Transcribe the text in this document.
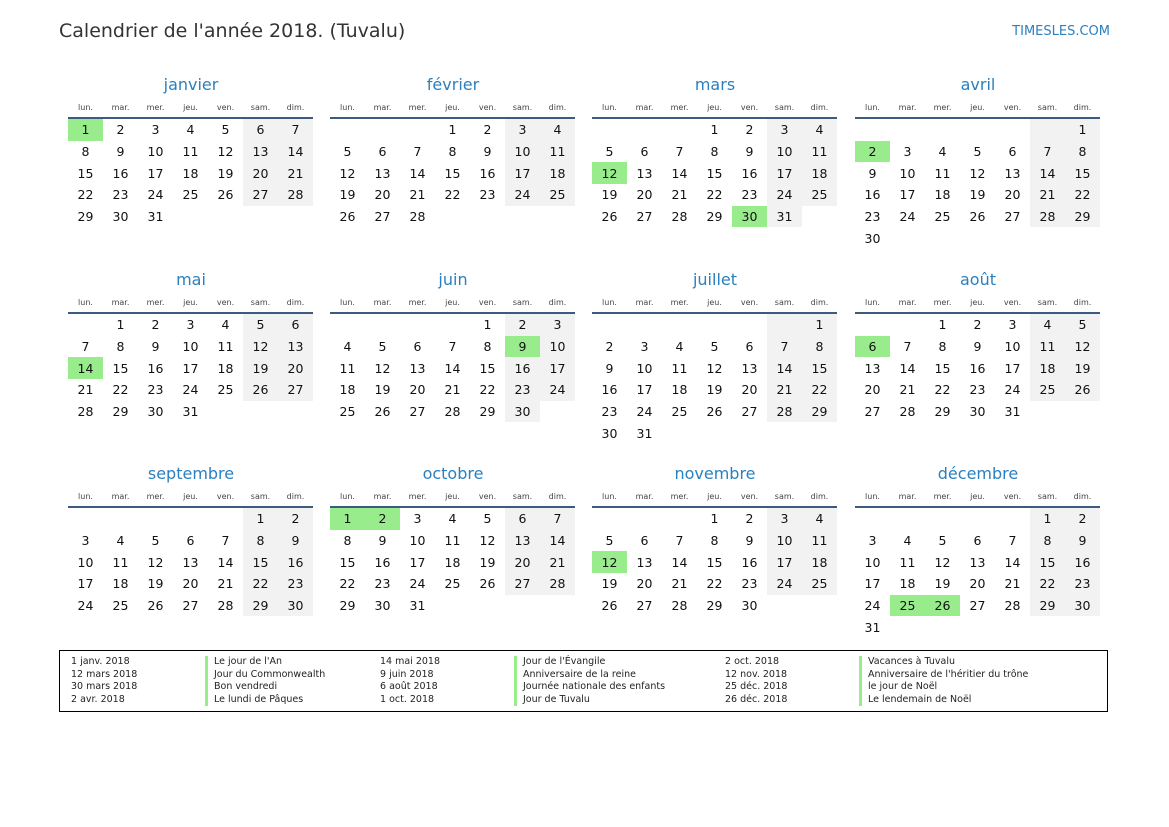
Calendrier de l'année 2018. (Tuvalu)	TIMESLES.COM
janvier
lun.	mar.	mer.	jeu.	ven.	sam.	dim.
1	2	3	4	5	6	7
8	9	10	11	12	13	14
15	16	17	18	19	20	21
22	23	24	25	26	27	28
29	30	31				
février
lun.	mar.	mer.	jeu.	ven.	sam.	dim.
			1	2	3	4
5	6	7	8	9	10	11
12	13	14	15	16	17	18
19	20	21	22	23	24	25
26	27	28				
mars
lun.	mar.	mer.	jeu.	ven.	sam.	dim.
			1	2	3	4
5	6	7	8	9	10	11
12	13	14	15	16	17	18
19	20	21	22	23	24	25
26	27	28	29	30	31	
avril
lun.	mar.	mer.	jeu.	ven.	sam.	dim.
						1
2	3	4	5	6	7	8
9	10	11	12	13	14	15
16	17	18	19	20	21	22
23	24	25	26	27	28	29
30						
mai
lun.	mar.	mer.	jeu.	ven.	sam.	dim.
	1	2	3	4	5	6
7	8	9	10	11	12	13
14	15	16	17	18	19	20
21	22	23	24	25	26	27
28	29	30	31			
juin
lun.	mar.	mer.	jeu.	ven.	sam.	dim.
				1	2	3
4	5	6	7	8	9	10
11	12	13	14	15	16	17
18	19	20	21	22	23	24
25	26	27	28	29	30	
juillet
lun.	mar.	mer.	jeu.	ven.	sam.	dim.
						1
2	3	4	5	6	7	8
9	10	11	12	13	14	15
16	17	18	19	20	21	22
23	24	25	26	27	28	29
30	31					
août
lun.	mar.	mer.	jeu.	ven.	sam.	dim.
		1	2	3	4	5
6	7	8	9	10	11	12
13	14	15	16	17	18	19
20	21	22	23	24	25	26
27	28	29	30	31		
septembre
lun.	mar.	mer.	jeu.	ven.	sam.	dim.
					1	2
3	4	5	6	7	8	9
10	11	12	13	14	15	16
17	18	19	20	21	22	23
24	25	26	27	28	29	30
octobre
lun.	mar.	mer.	jeu.	ven.	sam.	dim.
1	2	3	4	5	6	7
8	9	10	11	12	13	14
15	16	17	18	19	20	21
22	23	24	25	26	27	28
29	30	31				
novembre
lun.	mar.	mer.	jeu.	ven.	sam.	dim.
			1	2	3	4
5	6	7	8	9	10	11
12	13	14	15	16	17	18
19	20	21	22	23	24	25
26	27	28	29	30		
décembre
lun.	mar.	mer.	jeu.	ven.	sam.	dim.
					1	2
3	4	5	6	7	8	9
10	11	12	13	14	15	16
17	18	19	20	21	22	23
24	25	26	27	28	29	30
31						
1 janv. 2018	Le jour de l'An
12 mars 2018	Jour du Commonwealth
30 mars 2018	Bon vendredi
2 avr. 2018	Le lundi de Pâques
14 mai 2018	Jour de l'Évangile
9 juin 2018	Anniversaire de la reine
6 août 2018	Journée nationale des enfants
1 oct. 2018	Jour de Tuvalu
2 oct. 2018	Vacances à Tuvalu
12 nov. 2018	Anniversaire de l'héritier du trône
25 déc. 2018	le jour de Noël
26 déc. 2018	Le lendemain de Noël
